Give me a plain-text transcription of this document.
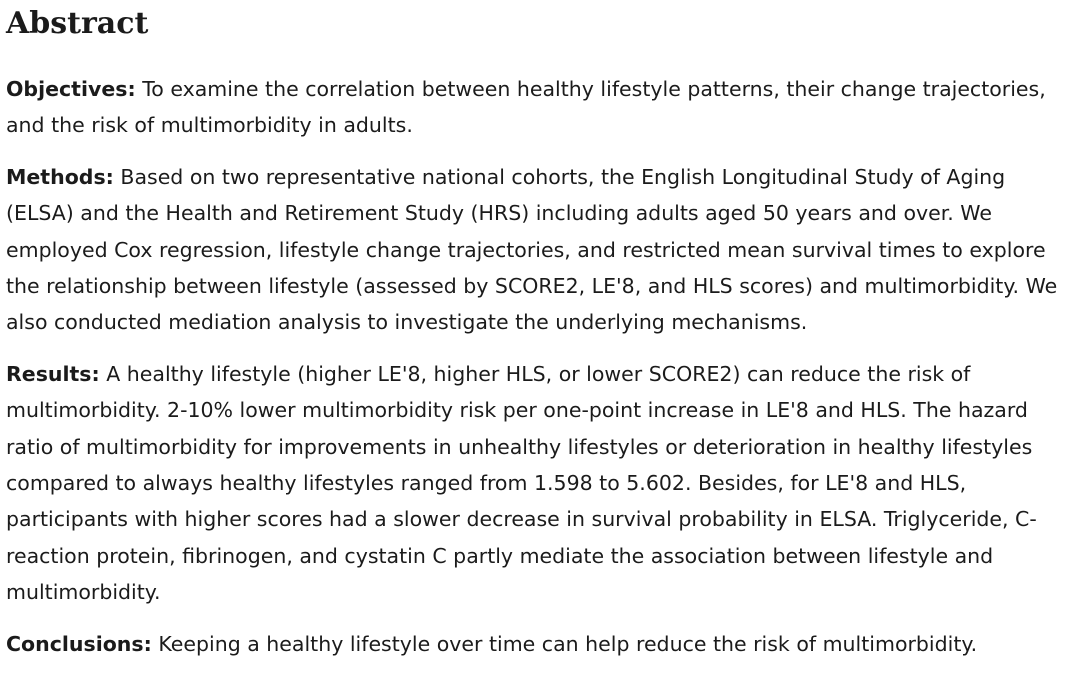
Abstract

Objectives: To examine the correlation between healthy lifestyle patterns, their change trajectories, and the risk of multimorbidity in adults.

Methods: Based on two representative national cohorts, the English Longitudinal Study of Aging (ELSA) and the Health and Retirement Study (HRS) including adults aged 50 years and over. We employed Cox regression, lifestyle change trajectories, and restricted mean survival times to explore the relationship between lifestyle (assessed by SCORE2, LE'8, and HLS scores) and multimorbidity. We also conducted mediation analysis to investigate the underlying mechanisms.

Results: A healthy lifestyle (higher LE'8, higher HLS, or lower SCORE2) can reduce the risk of multimorbidity. 2-10% lower multimorbidity risk per one-point increase in LE'8 and HLS. The hazard ratio of multimorbidity for improvements in unhealthy lifestyles or deterioration in healthy lifestyles compared to always healthy lifestyles ranged from 1.598 to 5.602. Besides, for LE'8 and HLS, participants with higher scores had a slower decrease in survival probability in ELSA. Triglyceride, C-reaction protein, fibrinogen, and cystatin C partly mediate the association between lifestyle and multimorbidity.

Conclusions: Keeping a healthy lifestyle over time can help reduce the risk of multimorbidity.
